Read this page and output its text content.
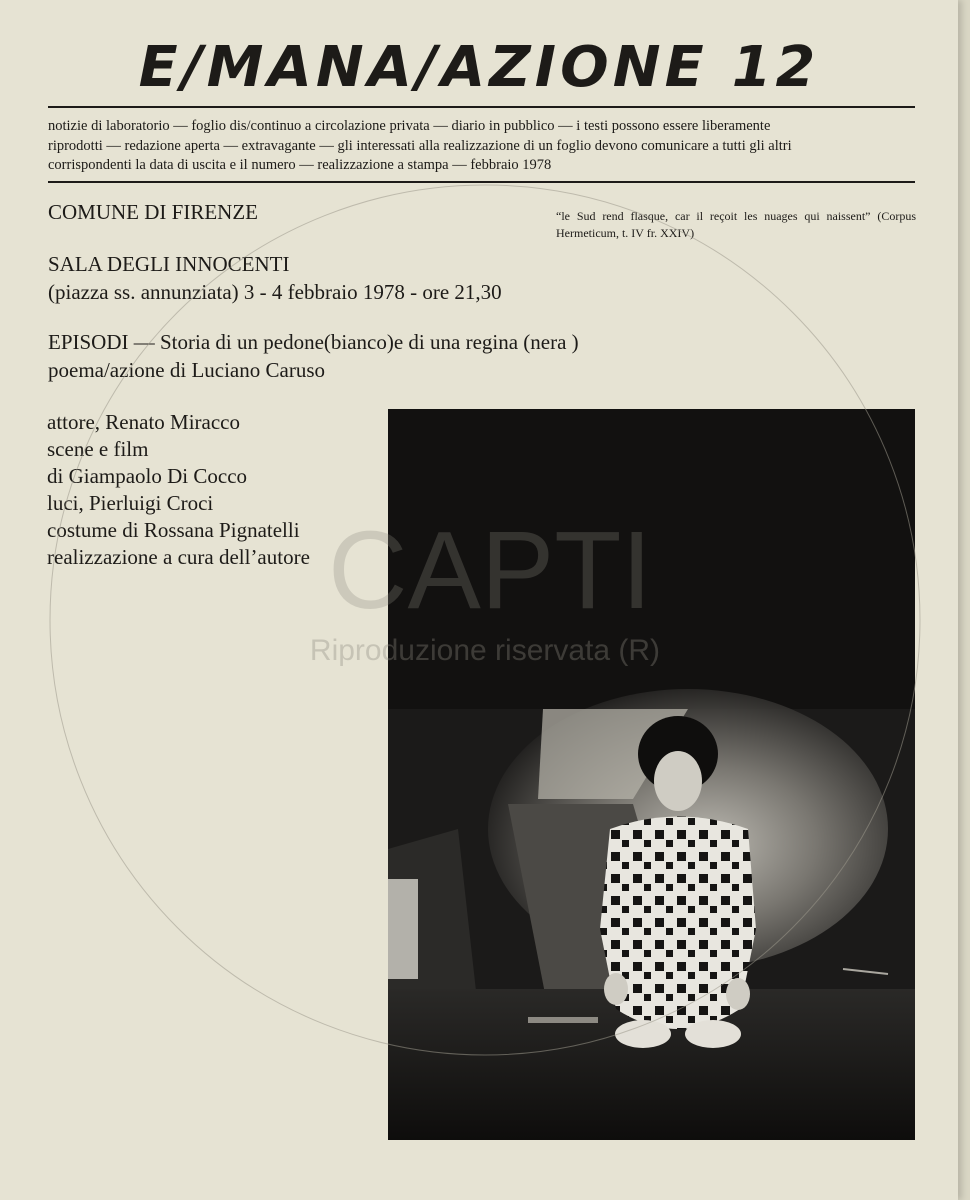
E/MANA/AZIONE 12
notizie di laboratorio — foglio dis/continuo a circolazione privata — diario in pubblico — i testi possono essere liberamente
riprodotti — redazione aperta — extravagante — gli interessati alla realizzazione di un foglio devono comunicare a tutti gli altri
corrispondenti la data di uscita e il numero — realizzazione a stampa — febbraio 1978
COMUNE DI FIRENZE	“le Sud rend flasque, car il reçoit les nuages qui naissent” (Corpus Hermeticum, t. IV fr. XXIV)
SALA DEGLI INNOCENTI
(piazza ss. annunziata) 3 - 4 febbraio 1978 - ore 21,30
EPISODI — Storia di un pedone(bianco)e di una regina (nera )
poema/azione di Luciano Caruso
attore, Renato Miracco
scene e film
di Giampaolo Di Cocco
luci, Pierluigi Croci
costume di Rossana Pignatelli
realizzazione a cura dell’autore CAPTI
Riproduzione riservata (R)
